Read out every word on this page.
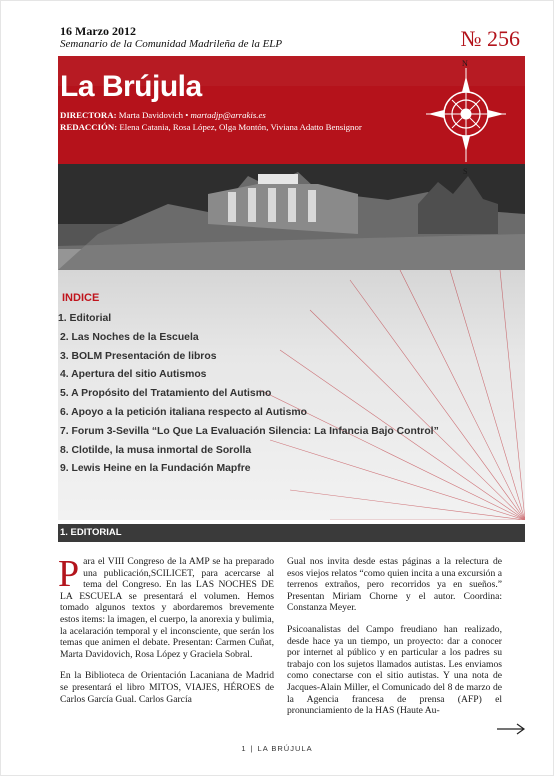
16 Marzo 2012
Semanario de la Comunidad Madrileña de la ELP	№ 256
La Brújula
DIRECTORA: Marta Davidovich • martadjp@arrakis.es
REDACCIÓN: Elena Catania, Rosa López, Olga Montón, Viviana Adatto Bensignor
N
S
INDICE
1. Editorial
2. Las Noches de la Escuela
3. BOLM Presentación de libros
4. Apertura del sitio Autismos
5. A Propósito del Tratamiento del Autismo
6. Apoyo a la petición italiana respecto al Autismo
7. Forum 3-Sevilla “Lo Que La Evaluación Silencia: La Infancia Bajo Control”
8. Clotilde, la musa inmortal de Sorolla
9. Lewis Heine en la Fundación Mapfre
1. EDITORIAL

Para el VIII Congreso de la AMP se ha preparado una publicación,SCILICET, para acercarse al tema del Congreso. En las LAS NOCHES DE LA ESCUELA se presentará el volumen. Hemos tomado algunos textos y abordaremos brevemente estos items: la imagen, el cuerpo, la anorexia y bulimia, la acelaración temporal y el inconsciente, que serán los temas que animen el debate. Presentan: Carmen Cuñat, Marta Davidovich, Rosa López y Graciela Sobral.

En la Biblioteca de Orientación Lacaniana de Madrid se presentará el libro MITOS, VIAJES, HÉROES de Carlos García Gual. Carlos García

Gual nos invita desde estas páginas a la relectura de esos viejos relatos “como quien incita a una excursión a terrenos extraños, pero recorridos ya en sueños.” Presentan Miriam Chorne y el autor. Coordina: Constanza Meyer.

Psicoanalistas del Campo freudiano han realizado, desde hace ya un tiempo, un proyecto: dar a conocer por internet al público y en particular a los padres su trabajo con los sujetos llamados autistas. Les enviamos como conectarse con el sitio autistas. Y una nota de Jacques-Alain Miller, el Comunicado del 8 de marzo de la Agencia francesa de prensa (AFP) el pronunciamiento de la HAS (Haute Au-

1 | LA BRÚJULA
